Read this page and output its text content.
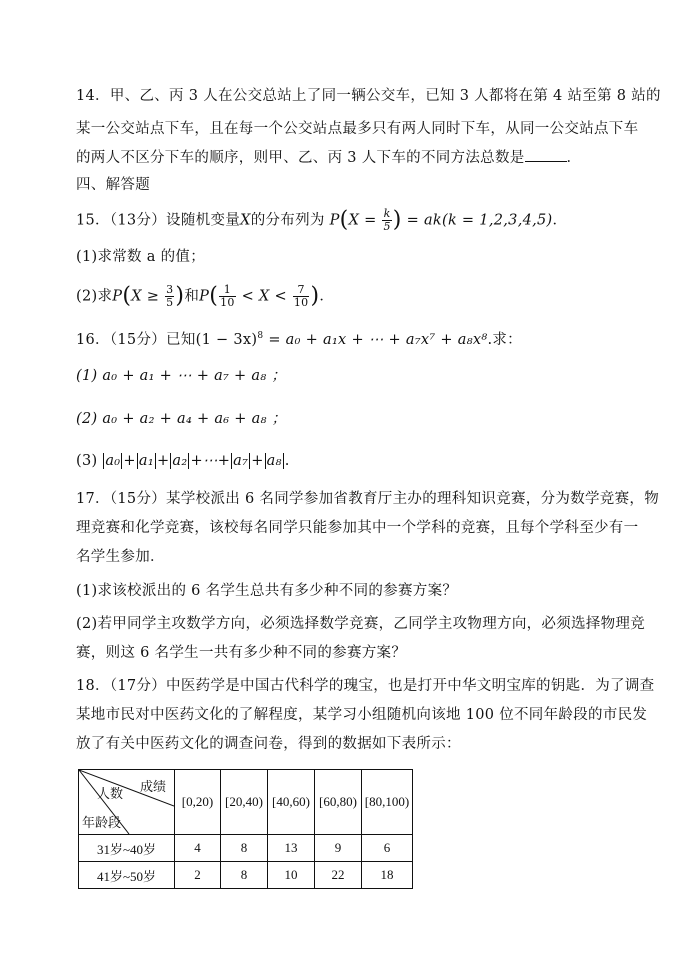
14．甲、乙、丙 3 人在公交总站上了同一辆公交车，已知 3 人都将在第 4 站至第 8 站的
某一公交站点下车，且在每一个公交站点最多只有两人同时下车，从同一公交站点下车
的两人不区分下车的顺序，则甲、乙、丙 3 人下车的不同方法总数是	．
四、解答题
15．（13分）设随机变量X的分布列为 $P(X = \frac{k}{5}$ ) = ak(k = 1,2,3,4,5)．
(1)求常数 a 的值；
(2)求$P(X \ge \frac{3}{5}$ )和$P( \frac{1}{10} < X < \frac{7}{10}$ )．
16．（15分）已知$(1 - 3x)^8 = a_0 + a_1x$ + ⋯ + a₇x⁷ + a₈x⁸.求：
(1) a₀ + a₁ + ⋯ + a₇ + a₈ ；
(2) a₀ + a₂ + a₄ + a₆ + a₈ ；
(3) a₀ + a₁ + a₂ +⋯+ a₇ + a₈ .
17．（15分）某学校派出 6 名同学参加省教育厅主办的理科知识竞赛，分为数学竞赛，物
理竞赛和化学竞赛，该校每名同学只能参加其中一个学科的竞赛，且每个学科至少有一
名学生参加．
(1)求该校派出的 6 名学生总共有多少种不同的参赛方案？
(2)若甲同学主攻数学方向，必须选择数学竞赛，乙同学主攻物理方向，必须选择物理竞
赛，则这 6 名学生一共有多少种不同的参赛方案？
18．（17分）中医药学是中国古代科学的瑰宝，也是打开中华文明宝库的钥匙．为了调查
某地市民对中医药文化的了解程度，某学习小组随机向该地 100 位不同年龄段的市民发
放了有关中医药文化的调查问卷，得到的数据如下表所示：
成绩
人数
年龄段	[0,20)	[20,40)	[40,60)	[60,80)	[80,100)
31岁~40岁	4	8	13	9	6
41岁~50岁	2	8	10	22	18
